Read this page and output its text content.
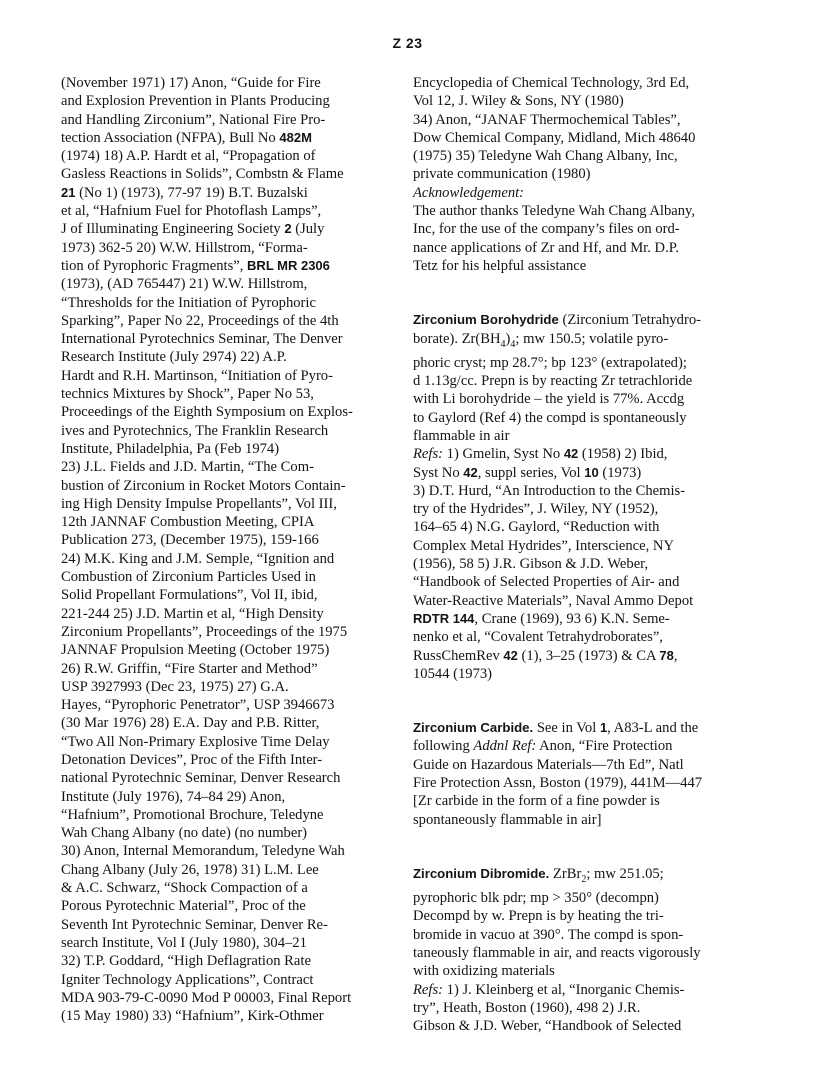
Z 23
(November 1971) 17) Anon, “Guide for Fire
and Explosion Prevention in Plants Producing
and Handling Zirconium”, National Fire Pro-
tection Association (NFPA), Bull No 482M
(1974) 18) A.P. Hardt et al, “Propagation of
Gasless Reactions in Solids”, Combstn & Flame
21 (No 1) (1973), 77-97 19) B.T. Buzalski
et al, “Hafnium Fuel for Photoflash Lamps”,
J of Illuminating Engineering Society 2 (July
1973) 362-5 20) W.W. Hillstrom, “Forma-
tion of Pyrophoric Fragments”, BRL MR 2306
(1973), (AD 765447) 21) W.W. Hillstrom,
“Thresholds for the Initiation of Pyrophoric
Sparking”, Paper No 22, Proceedings of the 4th
International Pyrotechnics Seminar, The Denver
Research Institute (July 2974) 22) A.P.
Hardt and R.H. Martinson, “Initiation of Pyro-
technics Mixtures by Shock”, Paper No 53,
Proceedings of the Eighth Symposium on Explos-
ives and Pyrotechnics, The Franklin Research
Institute, Philadelphia, Pa (Feb 1974)
23) J.L. Fields and J.D. Martin, “The Com-
bustion of Zirconium in Rocket Motors Contain-
ing High Density Impulse Propellants”, Vol III,
12th JANNAF Combustion Meeting, CPIA
Publication 273, (December 1975), 159-166
24) M.K. King and J.M. Semple, “Ignition and
Combustion of Zirconium Particles Used in
Solid Propellant Formulations”, Vol II, ibid,
221-244 25) J.D. Martin et al, “High Density
Zirconium Propellants”, Proceedings of the 1975
JANNAF Propulsion Meeting (October 1975)
26) R.W. Griffin, “Fire Starter and Method”
USP 3927993 (Dec 23, 1975) 27) G.A.
Hayes, “Pyrophoric Penetrator”, USP 3946673
(30 Mar 1976) 28) E.A. Day and P.B. Ritter,
“Two All Non-Primary Explosive Time Delay
Detonation Devices”, Proc of the Fifth Inter-
national Pyrotechnic Seminar, Denver Research
Institute (July 1976), 74–84 29) Anon,
“Hafnium”, Promotional Brochure, Teledyne
Wah Chang Albany (no date) (no number)
30) Anon, Internal Memorandum, Teledyne Wah
Chang Albany (July 26, 1978) 31) L.M. Lee
& A.C. Schwarz, “Shock Compaction of a
Porous Pyrotechnic Material”, Proc of the
Seventh Int Pyrotechnic Seminar, Denver Re-
search Institute, Vol I (July 1980), 304–21
32) T.P. Goddard, “High Deflagration Rate
Igniter Technology Applications”, Contract
MDA 903-79-C-0090 Mod P 00003, Final Report
(15 May 1980) 33) “Hafnium”, Kirk-Othmer
Encyclopedia of Chemical Technology, 3rd Ed,
Vol 12, J. Wiley & Sons, NY (1980)
34) Anon, “JANAF Thermochemical Tables”,
Dow Chemical Company, Midland, Mich 48640
(1975) 35) Teledyne Wah Chang Albany, Inc,
private communication (1980)
Acknowledgement:
The author thanks Teledyne Wah Chang Albany,
Inc, for the use of the company’s files on ord-
nance applications of Zr and Hf, and Mr. D.P.
Tetz for his helpful assistance
Zirconium Borohydride (Zirconium Tetrahydro-
borate). $Zr(BH_4)_4$; mw 150.5; volatile pyro-
phoric cryst; mp 28.7°; bp 123° (extrapolated);
d 1.13g/cc. Prepn is by reacting Zr tetrachloride
with Li borohydride – the yield is 77%. Accdg
to Gaylord (Ref 4) the compd is spontaneously
flammable in air
Refs: 1) Gmelin, Syst No 42 (1958) 2) Ibid,
Syst No 42, suppl series, Vol 10 (1973)
3) D.T. Hurd, “An Introduction to the Chemis-
try of the Hydrides”, J. Wiley, NY (1952),
164–65 4) N.G. Gaylord, “Reduction with
Complex Metal Hydrides”, Interscience, NY
(1956), 58 5) J.R. Gibson & J.D. Weber,
“Handbook of Selected Properties of Air- and
Water-Reactive Materials”, Naval Ammo Depot
RDTR 144, Crane (1969), 93 6) K.N. Seme-
nenko et al, “Covalent Tetrahydroborates”,
RussChemRev 42 (1), 3–25 (1973) & CA 78,
10544 (1973)
Zirconium Carbide. See in Vol 1, A83-L and the
following Addnl Ref: Anon, “Fire Protection
Guide on Hazardous Materials—7th Ed”, Natl
Fire Protection Assn, Boston (1979), 441M—447
[Zr carbide in the form of a fine powder is
spontaneously flammable in air]
Zirconium Dibromide. ZrBr$_2$; mw 251.05;
pyrophoric blk pdr; mp > 350° (decompn)
Decompd by w. Prepn is by heating the tri-
bromide in vacuo at 390°. The compd is spon-
taneously flammable in air, and reacts vigorously
with oxidizing materials
Refs: 1) J. Kleinberg et al, “Inorganic Chemis-
try”, Heath, Boston (1960), 498 2) J.R.
Gibson & J.D. Weber, “Handbook of Selected
